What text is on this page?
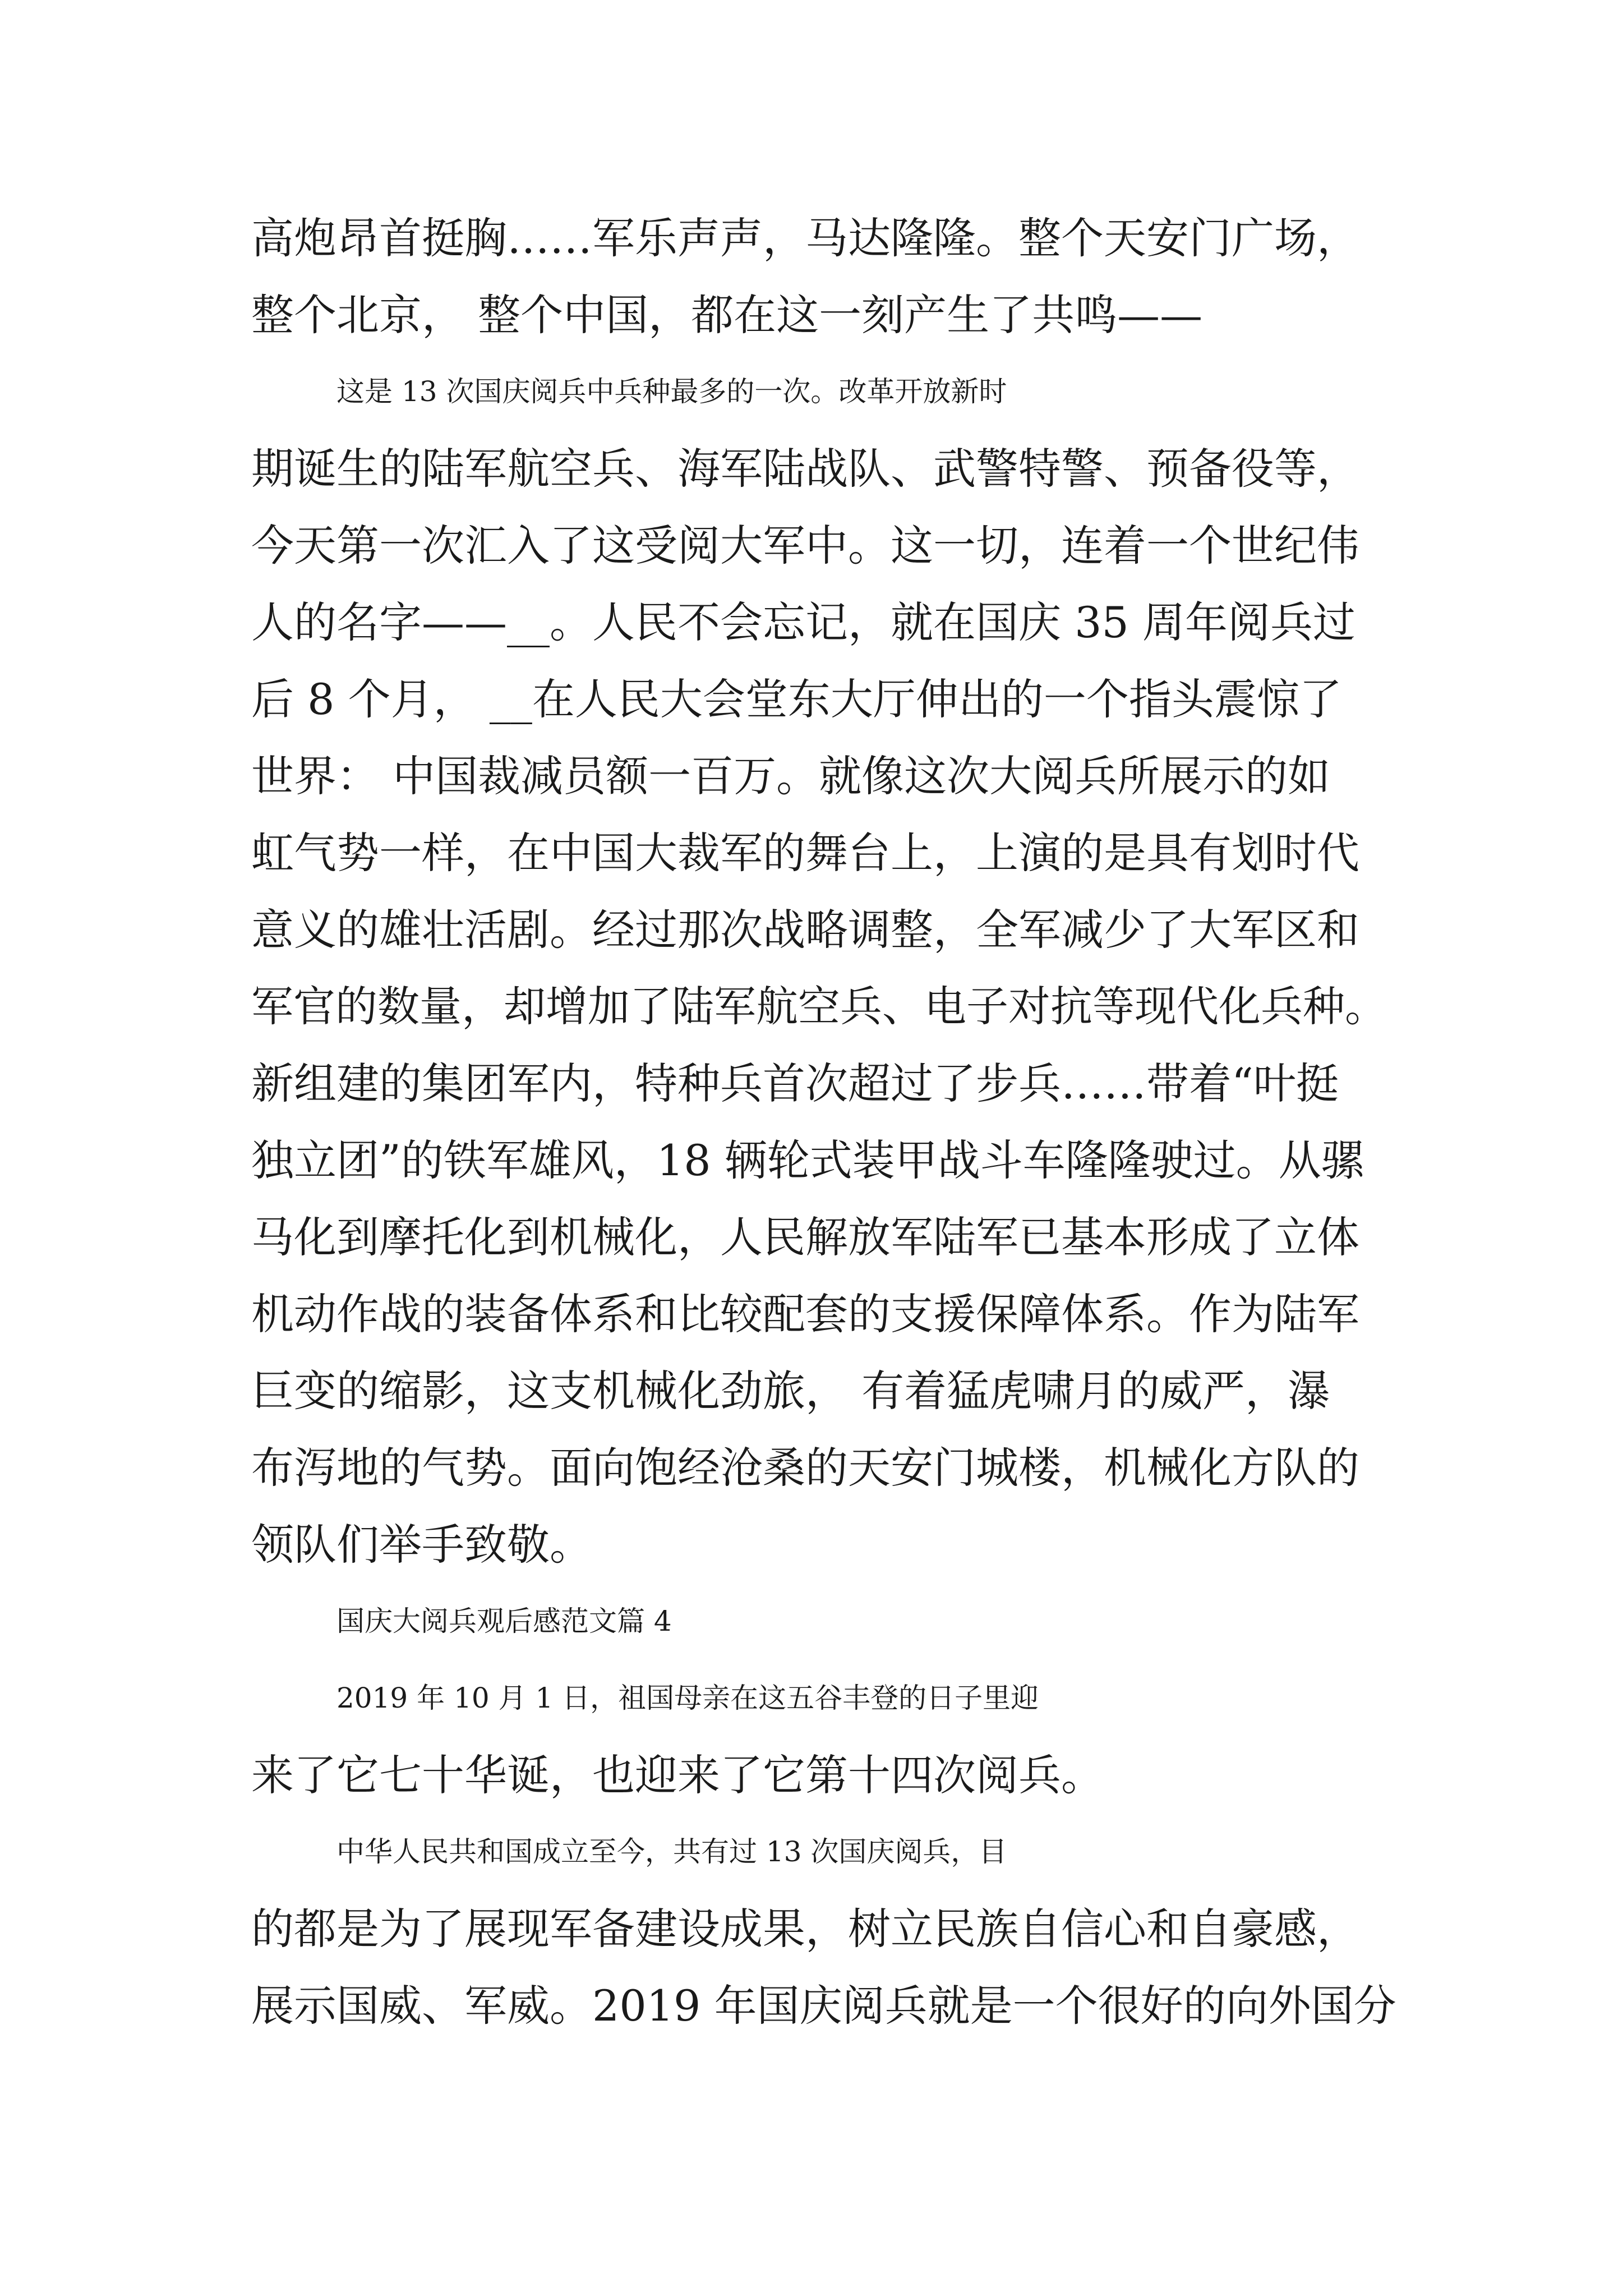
高炮昂首挺胸……军乐声声，马达隆隆。整个天安门广场，
整个北京， 整个中国，都在这一刻产生了共鸣——
这是 13 次国庆阅兵中兵种最多的一次。改革开放新时
期诞生的陆军航空兵、海军陆战队、武警特警、预备役等，
今天第一次汇入了这受阅大军中。这一切，连着一个世纪伟
人的名字——__。人民不会忘记，就在国庆 35 周年阅兵过
后 8 个月， __在人民大会堂东大厅伸出的一个指头震惊了
世界： 中国裁减员额一百万。就像这次大阅兵所展示的如
虹气势一样，在中国大裁军的舞台上，上演的是具有划时代
意义的雄壮活剧。经过那次战略调整，全军减少了大军区和
军官的数量，却增加了陆军航空兵、电子对抗等现代化兵种。
新组建的集团军内，特种兵首次超过了步兵……带着“叶挺
独立团”的铁军雄风，18 辆轮式装甲战斗车隆隆驶过。从骡
马化到摩托化到机械化，人民解放军陆军已基本形成了立体
机动作战的装备体系和比较配套的支援保障体系。作为陆军
巨变的缩影，这支机械化劲旅， 有着猛虎啸月的威严，瀑
布泻地的气势。面向饱经沧桑的天安门城楼，机械化方队的
领队们举手致敬。
国庆大阅兵观后感范文篇 4
2019 年 10 月 1 日，祖国母亲在这五谷丰登的日子里迎
来了它七十华诞，也迎来了它第十四次阅兵。
中华人民共和国成立至今，共有过 13 次国庆阅兵，目
的都是为了展现军备建设成果，树立民族自信心和自豪感，
展示国威、军威。2019 年国庆阅兵就是一个很好的向外国分
